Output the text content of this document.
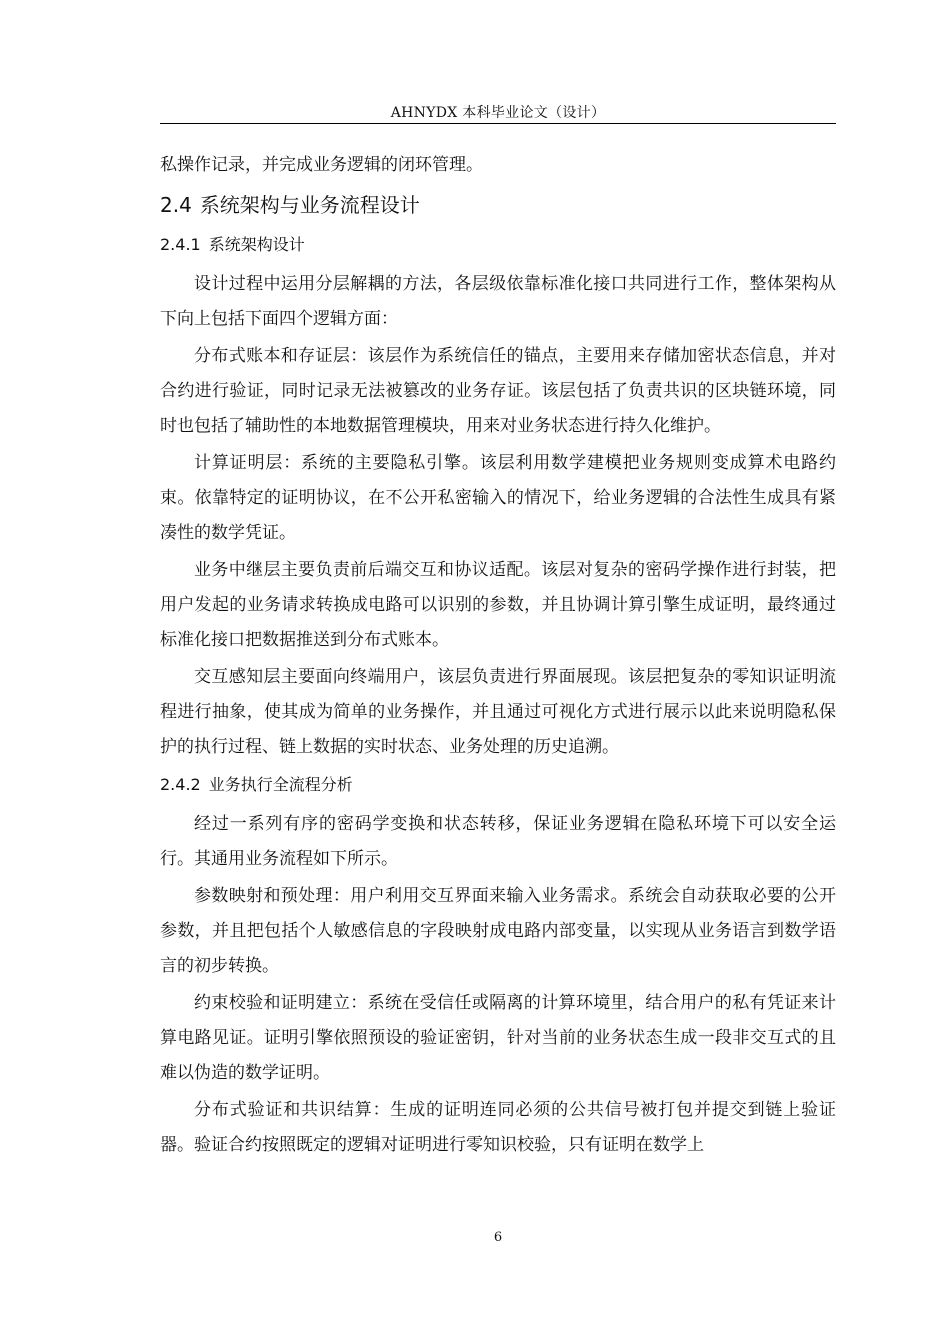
AHNYDX 本科毕业论文（设计）

私操作记录，并完成业务逻辑的闭环管理。

2.4 系统架构与业务流程设计
2.4.1 系统架构设计

设计过程中运用分层解耦的方法，各层级依靠标准化接口共同进行工作，整体架构从下向上包括下面四个逻辑方面：

分布式账本和存证层：该层作为系统信任的锚点，主要用来存储加密状态信息，并对合约进行验证，同时记录无法被篡改的业务存证。该层包括了负责共识的区块链环境，同时也包括了辅助性的本地数据管理模块，用来对业务状态进行持久化维护。

计算证明层：系统的主要隐私引擎。该层利用数学建模把业务规则变成算术电路约束。依靠特定的证明协议，在不公开私密输入的情况下，给业务逻辑的合法性生成具有紧凑性的数学凭证。

业务中继层主要负责前后端交互和协议适配。该层对复杂的密码学操作进行封装，把用户发起的业务请求转换成电路可以识别的参数，并且协调计算引擎生成证明，最终通过标准化接口把数据推送到分布式账本。

交互感知层主要面向终端用户，该层负责进行界面展现。该层把复杂的零知识证明流程进行抽象，使其成为简单的业务操作，并且通过可视化方式进行展示以此来说明隐私保护的执行过程、链上数据的实时状态、业务处理的历史追溯。

2.4.2 业务执行全流程分析

经过一系列有序的密码学变换和状态转移，保证业务逻辑在隐私环境下可以安全运行。其通用业务流程如下所示。

参数映射和预处理：用户利用交互界面来输入业务需求。系统会自动获取必要的公开参数，并且把包括个人敏感信息的字段映射成电路内部变量，以实现从业务语言到数学语言的初步转换。

约束校验和证明建立：系统在受信任或隔离的计算环境里，结合用户的私有凭证来计算电路见证。证明引擎依照预设的验证密钥，针对当前的业务状态生成一段非交互式的且难以伪造的数学证明。

分布式验证和共识结算：生成的证明连同必须的公共信号被打包并提交到链上验证器。验证合约按照既定的逻辑对证明进行零知识校验，只有证明在数学上

6
